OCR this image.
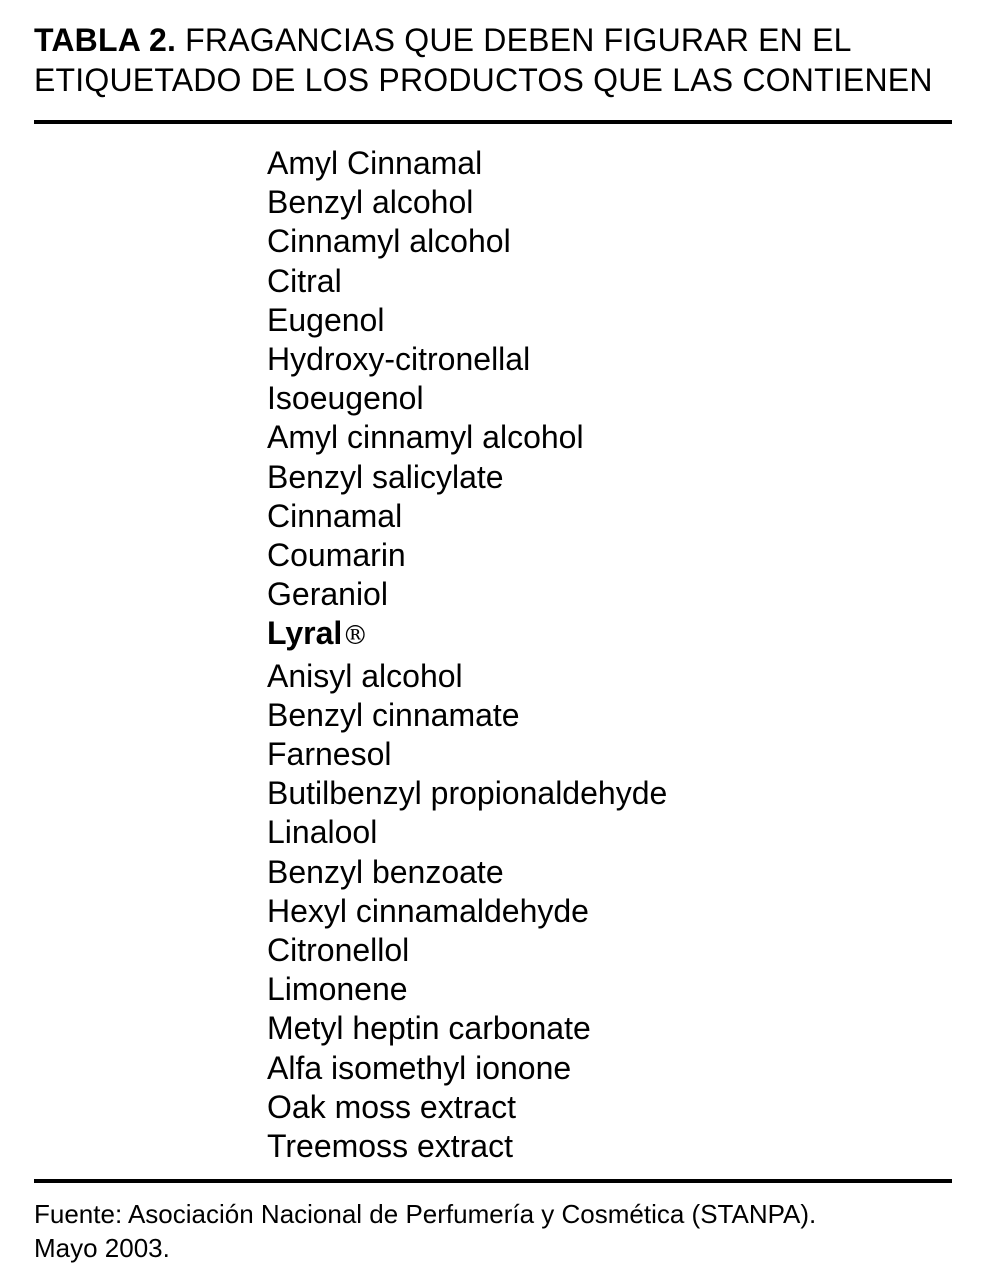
TABLA 2. FRAGANCIAS QUE DEBEN FIGURAR EN EL
ETIQUETADO DE LOS PRODUCTOS QUE LAS CONTIENEN
Amyl Cinnamal
Benzyl alcohol
Cinnamyl alcohol
Citral
Eugenol
Hydroxy-citronellal
Isoeugenol
Amyl cinnamyl alcohol
Benzyl salicylate
Cinnamal
Coumarin
Geraniol
Lyral®
Anisyl alcohol
Benzyl cinnamate
Farnesol
Butilbenzyl propionaldehyde
Linalool
Benzyl benzoate
Hexyl cinnamaldehyde
Citronellol
Limonene
Metyl heptin carbonate
Alfa isomethyl ionone
Oak moss extract
Treemoss extract

Fuente: Asociación Nacional de Perfumería y Cosmética (STANPA).
Mayo 2003.
